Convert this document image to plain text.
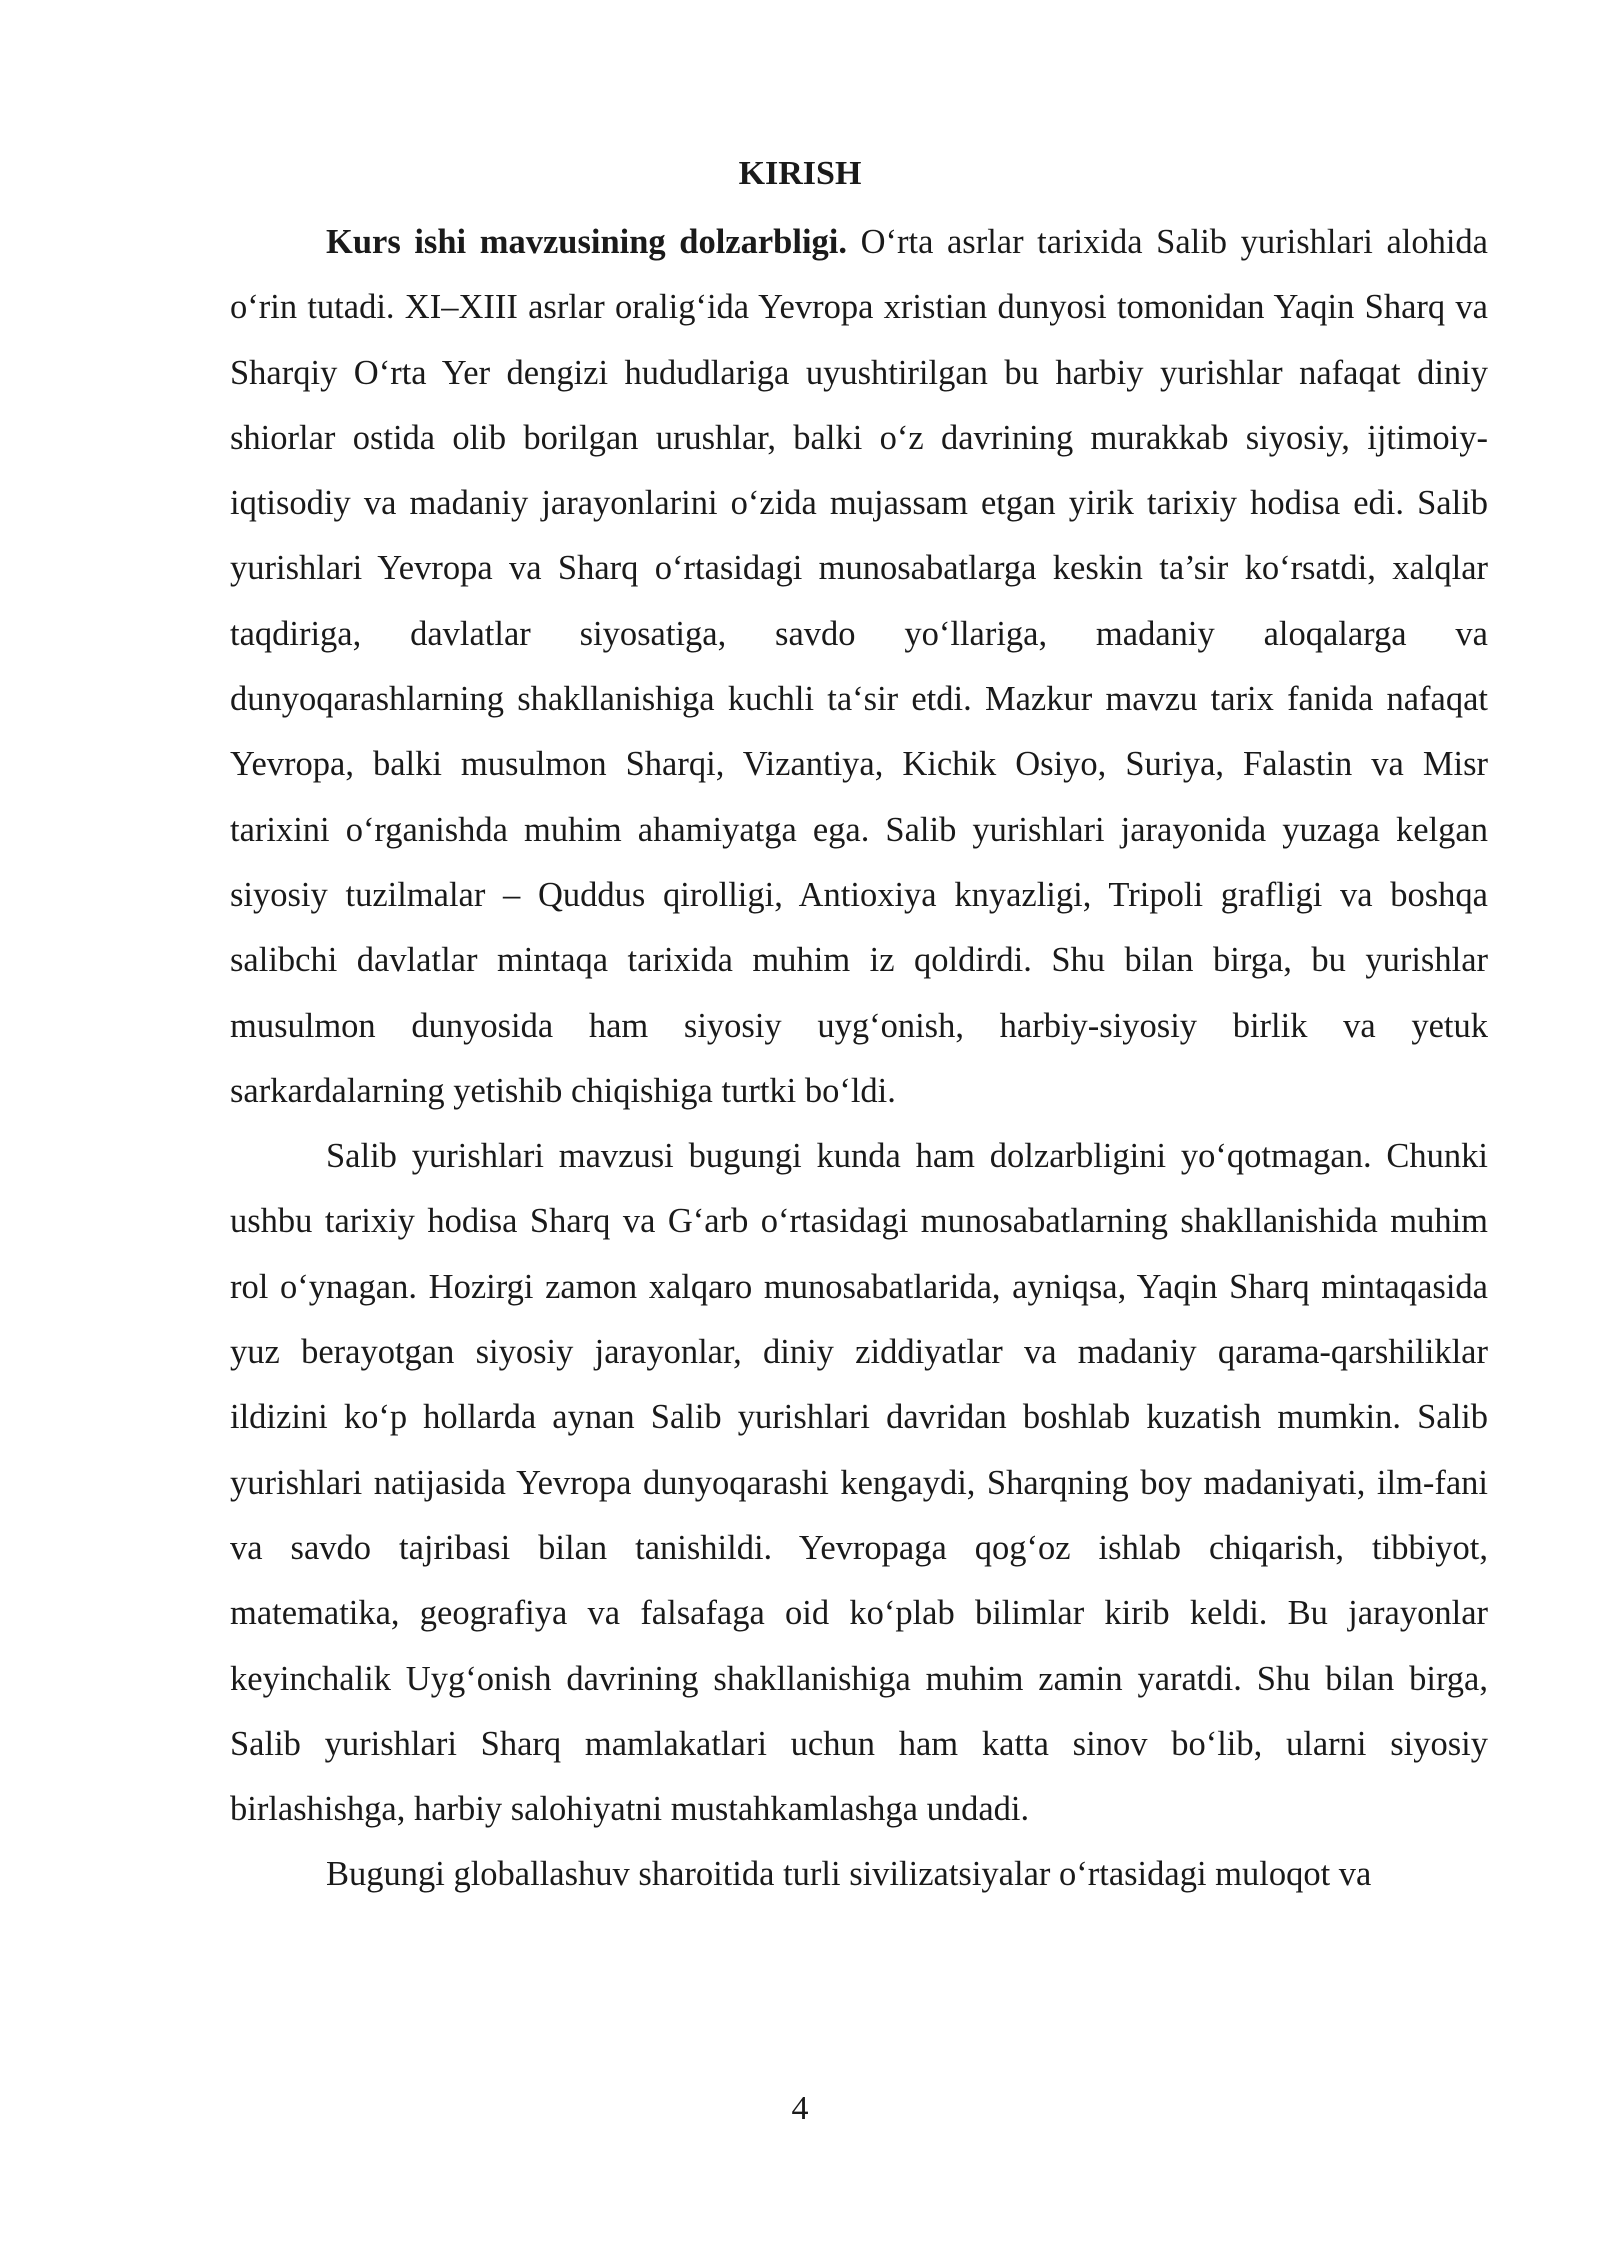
KIRISH

Kurs ishi mavzusining dolzarbligi. O‘rta asrlar tarixida Salib yurishlari alohida o‘rin tutadi. XI–XIII asrlar oralig‘ida Yevropa xristian dunyosi tomonidan Yaqin Sharq va Sharqiy O‘rta Yer dengizi hududlariga uyushtirilgan bu harbiy yurishlar nafaqat diniy shiorlar ostida olib borilgan urushlar, balki o‘z davrining murakkab siyosiy, ijtimoiy-iqtisodiy va madaniy jarayonlarini o‘zida mujassam etgan yirik tarixiy hodisa edi. Salib yurishlari Yevropa va Sharq o‘rtasidagi munosabatlarga keskin ta’sir ko‘rsatdi, xalqlar taqdiriga, davlatlar siyosatiga, savdo yo‘llariga, madaniy aloqalarga va dunyoqarashlarning shakllanishiga kuchli ta‘sir etdi. Mazkur mavzu tarix fanida nafaqat Yevropa, balki musulmon Sharqi, Vizantiya, Kichik Osiyo, Suriya, Falastin va Misr tarixini o‘rganishda muhim ahamiyatga ega. Salib yurishlari jarayonida yuzaga kelgan siyosiy tuzilmalar – Quddus qirolligi, Antioxiya knyazligi, Tripoli grafligi va boshqa salibchi davlatlar mintaqa tarixida muhim iz qoldirdi. Shu bilan birga, bu yurishlar musulmon dunyosida ham siyosiy uyg‘onish, harbiy-siyosiy birlik va yetuk sarkardalarning yetishib chiqishiga turtki bo‘ldi.

Salib yurishlari mavzusi bugungi kunda ham dolzarbligini yo‘qotmagan. Chunki ushbu tarixiy hodisa Sharq va G‘arb o‘rtasidagi munosabatlarning shakllanishida muhim rol o‘ynagan. Hozirgi zamon xalqaro munosabatlarida, ayniqsa, Yaqin Sharq mintaqasida yuz berayotgan siyosiy jarayonlar, diniy ziddiyatlar va madaniy qarama-qarshiliklar ildizini ko‘p hollarda aynan Salib yurishlari davridan boshlab kuzatish mumkin. Salib yurishlari natijasida Yevropa dunyoqarashi kengaydi, Sharqning boy madaniyati, ilm-fani va savdo tajribasi bilan tanishildi. Yevropaga qog‘oz ishlab chiqarish, tibbiyot, matematika, geografiya va falsafaga oid ko‘plab bilimlar kirib keldi. Bu jarayonlar keyinchalik Uyg‘onish davrining shakllanishiga muhim zamin yaratdi. Shu bilan birga, Salib yurishlari Sharq mamlakatlari uchun ham katta sinov bo‘lib, ularni siyosiy birlashishga, harbiy salohiyatni mustahkamlashga undadi.

Bugungi globallashuv sharoitida turli sivilizatsiyalar o‘rtasidagi muloqot va

4
